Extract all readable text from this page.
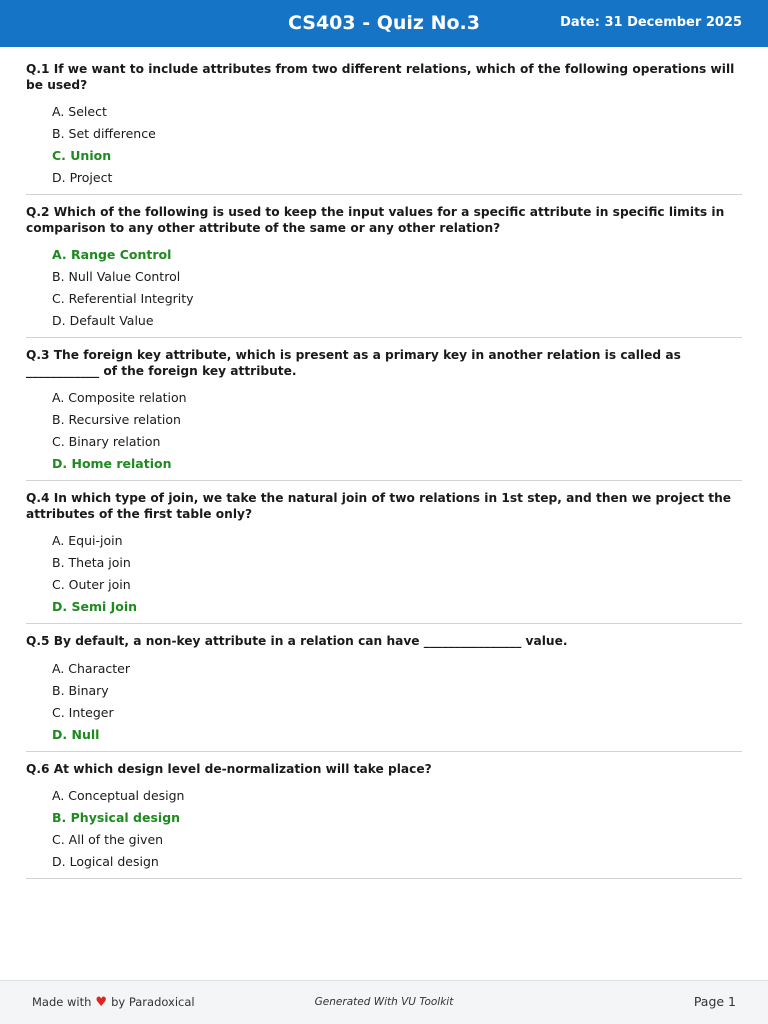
CS403 - Quiz No.3	Date: 31 December 2025

Q.1 If we want to include attributes from two different relations, which of the following operations will be used?

A. Select
B. Set difference
C. Union
D. Project

Q.2 Which of the following is used to keep the input values for a specific attribute in specific limits in comparison to any other attribute of the same or any other relation?

A. Range Control
B. Null Value Control
C. Referential Integrity
D. Default Value

Q.3 The foreign key attribute, which is present as a primary key in another relation is called as ____________ of the foreign key attribute.

A. Composite relation
B. Recursive relation
C. Binary relation
D. Home relation

Q.4 In which type of join, we take the natural join of two relations in 1st step, and then we project the attributes of the first table only?

A. Equi-join
B. Theta join
C. Outer join
D. Semi Join

Q.5 By default, a non-key attribute in a relation can have ________________ value.

A. Character
B. Binary
C. Integer
D. Null

Q.6 At which design level de-normalization will take place?

A. Conceptual design
B. Physical design
C. All of the given
D. Logical design
Made with ♥ by Paradoxical	Generated With VU Toolkit	Page 1
